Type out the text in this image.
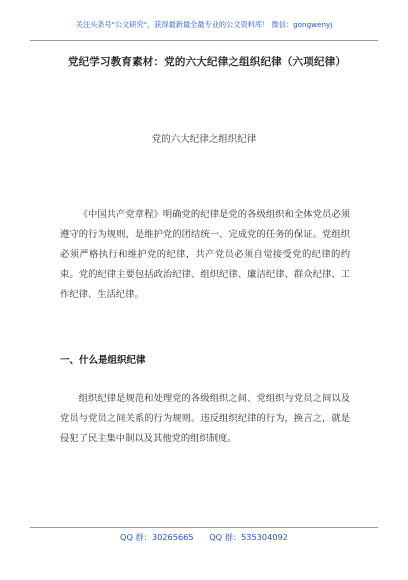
关注头条号"公文研究"，获得最新最全最专业的公文资料库！ 微信：gongwenyj
党纪学习教育素材：党的六大纪律之组织纪律（六项纪律）
党的六大纪律之组织纪律
《中国共产党章程》明确党的纪律是党的各级组织和全体党员必须遵守的行为规则，是维护党的团结统一、完成党的任务的保证。党组织必须严格执行和维护党的纪律，共产党员必须自觉接受党的纪律的约束。党的纪律主要包括政治纪律、组织纪律、廉洁纪律、群众纪律、工作纪律、生活纪律。
一、什么是组织纪律
组织纪律是规范和处理党的各级组织之间、党组织与党员之间以及党员与党员之间关系的行为规则。违反组织纪律的行为，换言之，就是侵犯了民主集中制以及其他党的组织制度。
QQ 群：30265665 QQ 群：535304092
